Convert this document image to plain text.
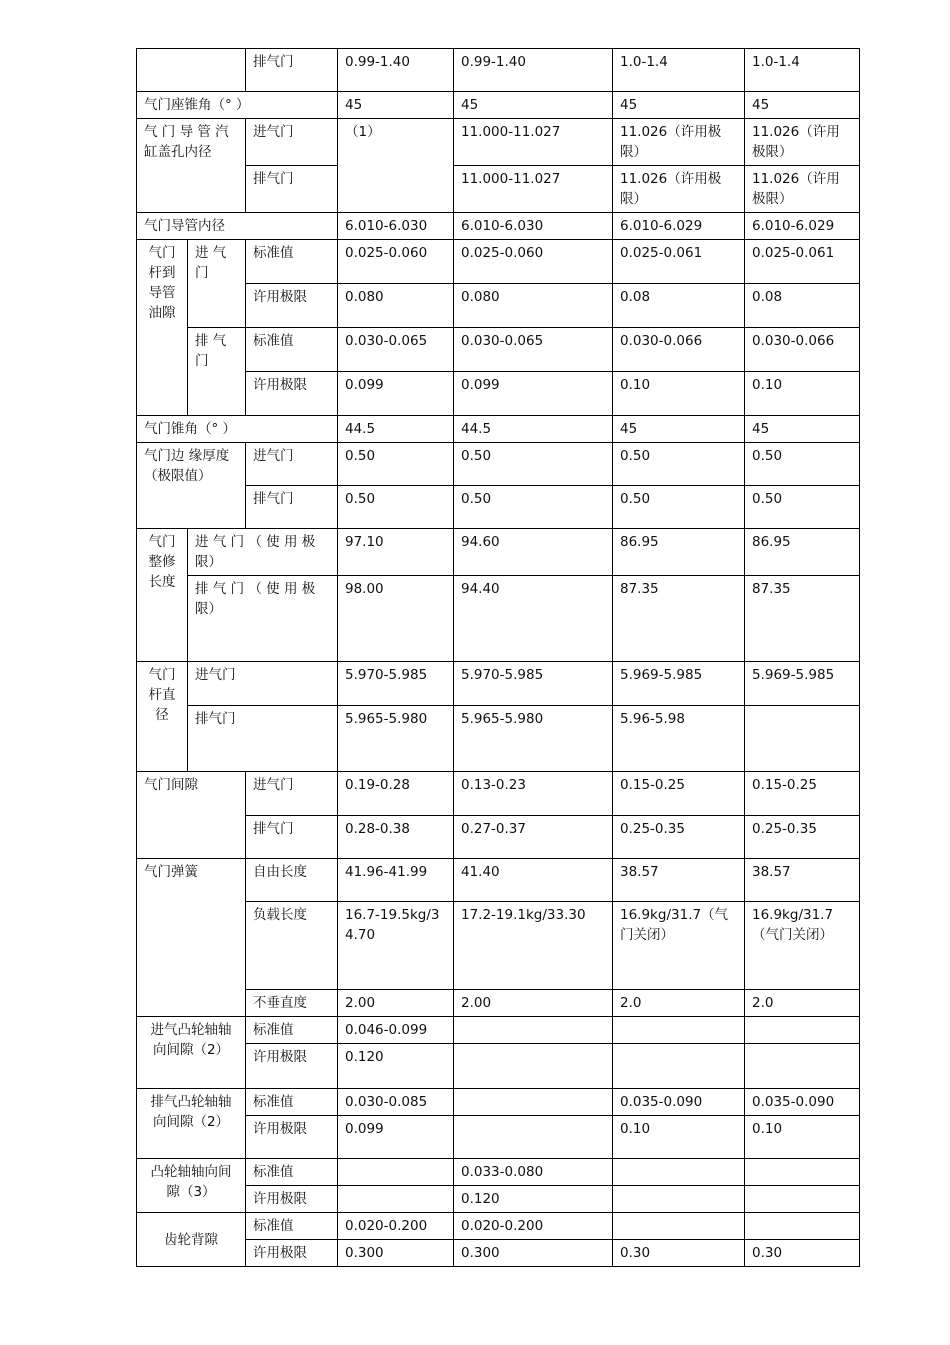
		排气门	0.99-1.40	0.99-1.40	1.0-1.4	1.0-1.4
气门座锥角（° ）			45	45	45	45
气 门 导 管 汽 缸盖孔内径		进气门	（1）	11.000-11.027	11.026（许用极限）	11.026（许用极限）
		排气门		11.000-11.027	11.026（许用极限）	11.026（许用极限）
气门导管内径			6.010-6.030	6.010-6.030	6.010-6.029	6.010-6.029
气门杆到导管油隙	进 气 门	标准值	0.025-0.060	0.025-0.060	0.025-0.061	0.025-0.061
		许用极限	0.080	0.080	0.08	0.08
	排 气 门	标准值	0.030-0.065	0.030-0.065	0.030-0.066	0.030-0.066
		许用极限	0.099	0.099	0.10	0.10
气门锥角（° ）			44.5	44.5	45	45
气门边 缘厚度（极限值）		进气门	0.50	0.50	0.50	0.50
		排气门	0.50	0.50	0.50	0.50
气门整修长度	进 气 门 （ 使 用 极 限）		97.10	94.60	86.95	86.95
	排 气 门 （ 使 用 极 限）		98.00	94.40	87.35	87.35
气门杆直径	进气门		5.970-5.985	5.970-5.985	5.969-5.985	5.969-5.985
	排气门		5.965-5.980	5.965-5.980	5.96-5.98	
气门间隙		进气门	0.19-0.28	0.13-0.23	0.15-0.25	0.15-0.25
		排气门	0.28-0.38	0.27-0.37	0.25-0.35	0.25-0.35
气门弹簧		自由长度	41.96-41.99	41.40	38.57	38.57
		负载长度	16.7-19.5kg/34.70	17.2-19.1kg/33.30	16.9kg/31.7（气门关闭）	16.9kg/31.7（气门关闭）
		不垂直度	2.00	2.00	2.0	2.0
进气凸轮轴轴向间隙（2）		标准值	0.046-0.099			
		许用极限	0.120			
排气凸轮轴轴向间隙（2）		标准值	0.030-0.085		0.035-0.090	0.035-0.090
		许用极限	0.099		0.10	0.10
凸轮轴轴向间隙（3）		标准值		0.033-0.080		
		许用极限		0.120		
齿轮背隙		标准值	0.020-0.200	0.020-0.200		
		许用极限	0.300	0.300	0.30	0.30
